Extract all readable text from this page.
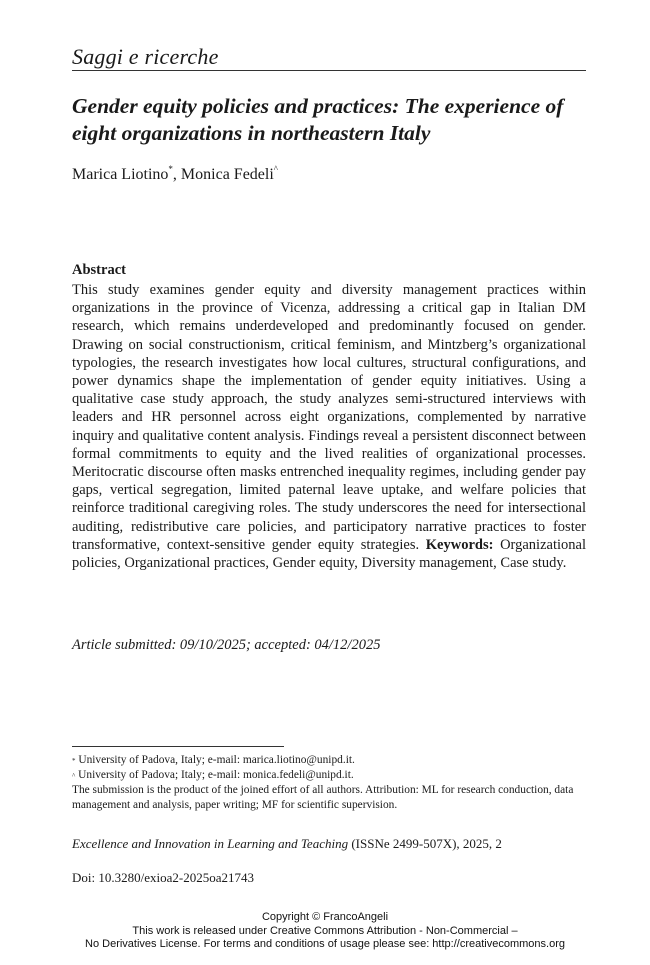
Saggi e ricerche
Gender equity policies and practices: The experience of eight organizations in northeastern Italy
Marica Liotino*, Monica Fedeli^
Abstract
This study examines gender equity and diversity management practices within organizations in the province of Vicenza, addressing a critical gap in Italian DM research, which remains underdeveloped and predominantly focused on gender. Drawing on social constructionism, critical feminism, and Mintzberg’s organizational typologies, the research investigates how local cultures, structural configurations, and power dynamics shape the implementation of gender equity initiatives. Using a qualitative case study approach, the study analyzes semi-structured interviews with leaders and HR personnel across eight organizations, complemented by narrative inquiry and qualitative content analysis. Findings reveal a persistent disconnect between formal commitments to equity and the lived realities of organizational processes. Meritocratic discourse often masks entrenched inequality regimes, including gender pay gaps, vertical segregation, limited paternal leave uptake, and welfare policies that reinforce traditional caregiving roles. The study underscores the need for intersectional auditing, redistributive care policies, and participatory narrative practices to foster transformative, context-sensitive gender equity strategies. Keywords: Organizational policies, Organizational practices, Gender equity, Diversity management, Case study.
Article submitted: 09/10/2025; accepted: 04/12/2025
* University of Padova, Italy; e-mail: marica.liotino@unipd.it.
^ University of Padova; Italy; e-mail: monica.fedeli@unipd.it.
The submission is the product of the joined effort of all authors. Attribution: ML for research conduction, data management and analysis, paper writing; MF for scientific supervision.
Excellence and Innovation in Learning and Teaching (ISSNe 2499-507X), 2025, 2
Doi: 10.3280/exioa2-2025oa21743
Copyright © FrancoAngeli
This work is released under Creative Commons Attribution - Non-Commercial –
No Derivatives License. For terms and conditions of usage please see: http://creativecommons.org
